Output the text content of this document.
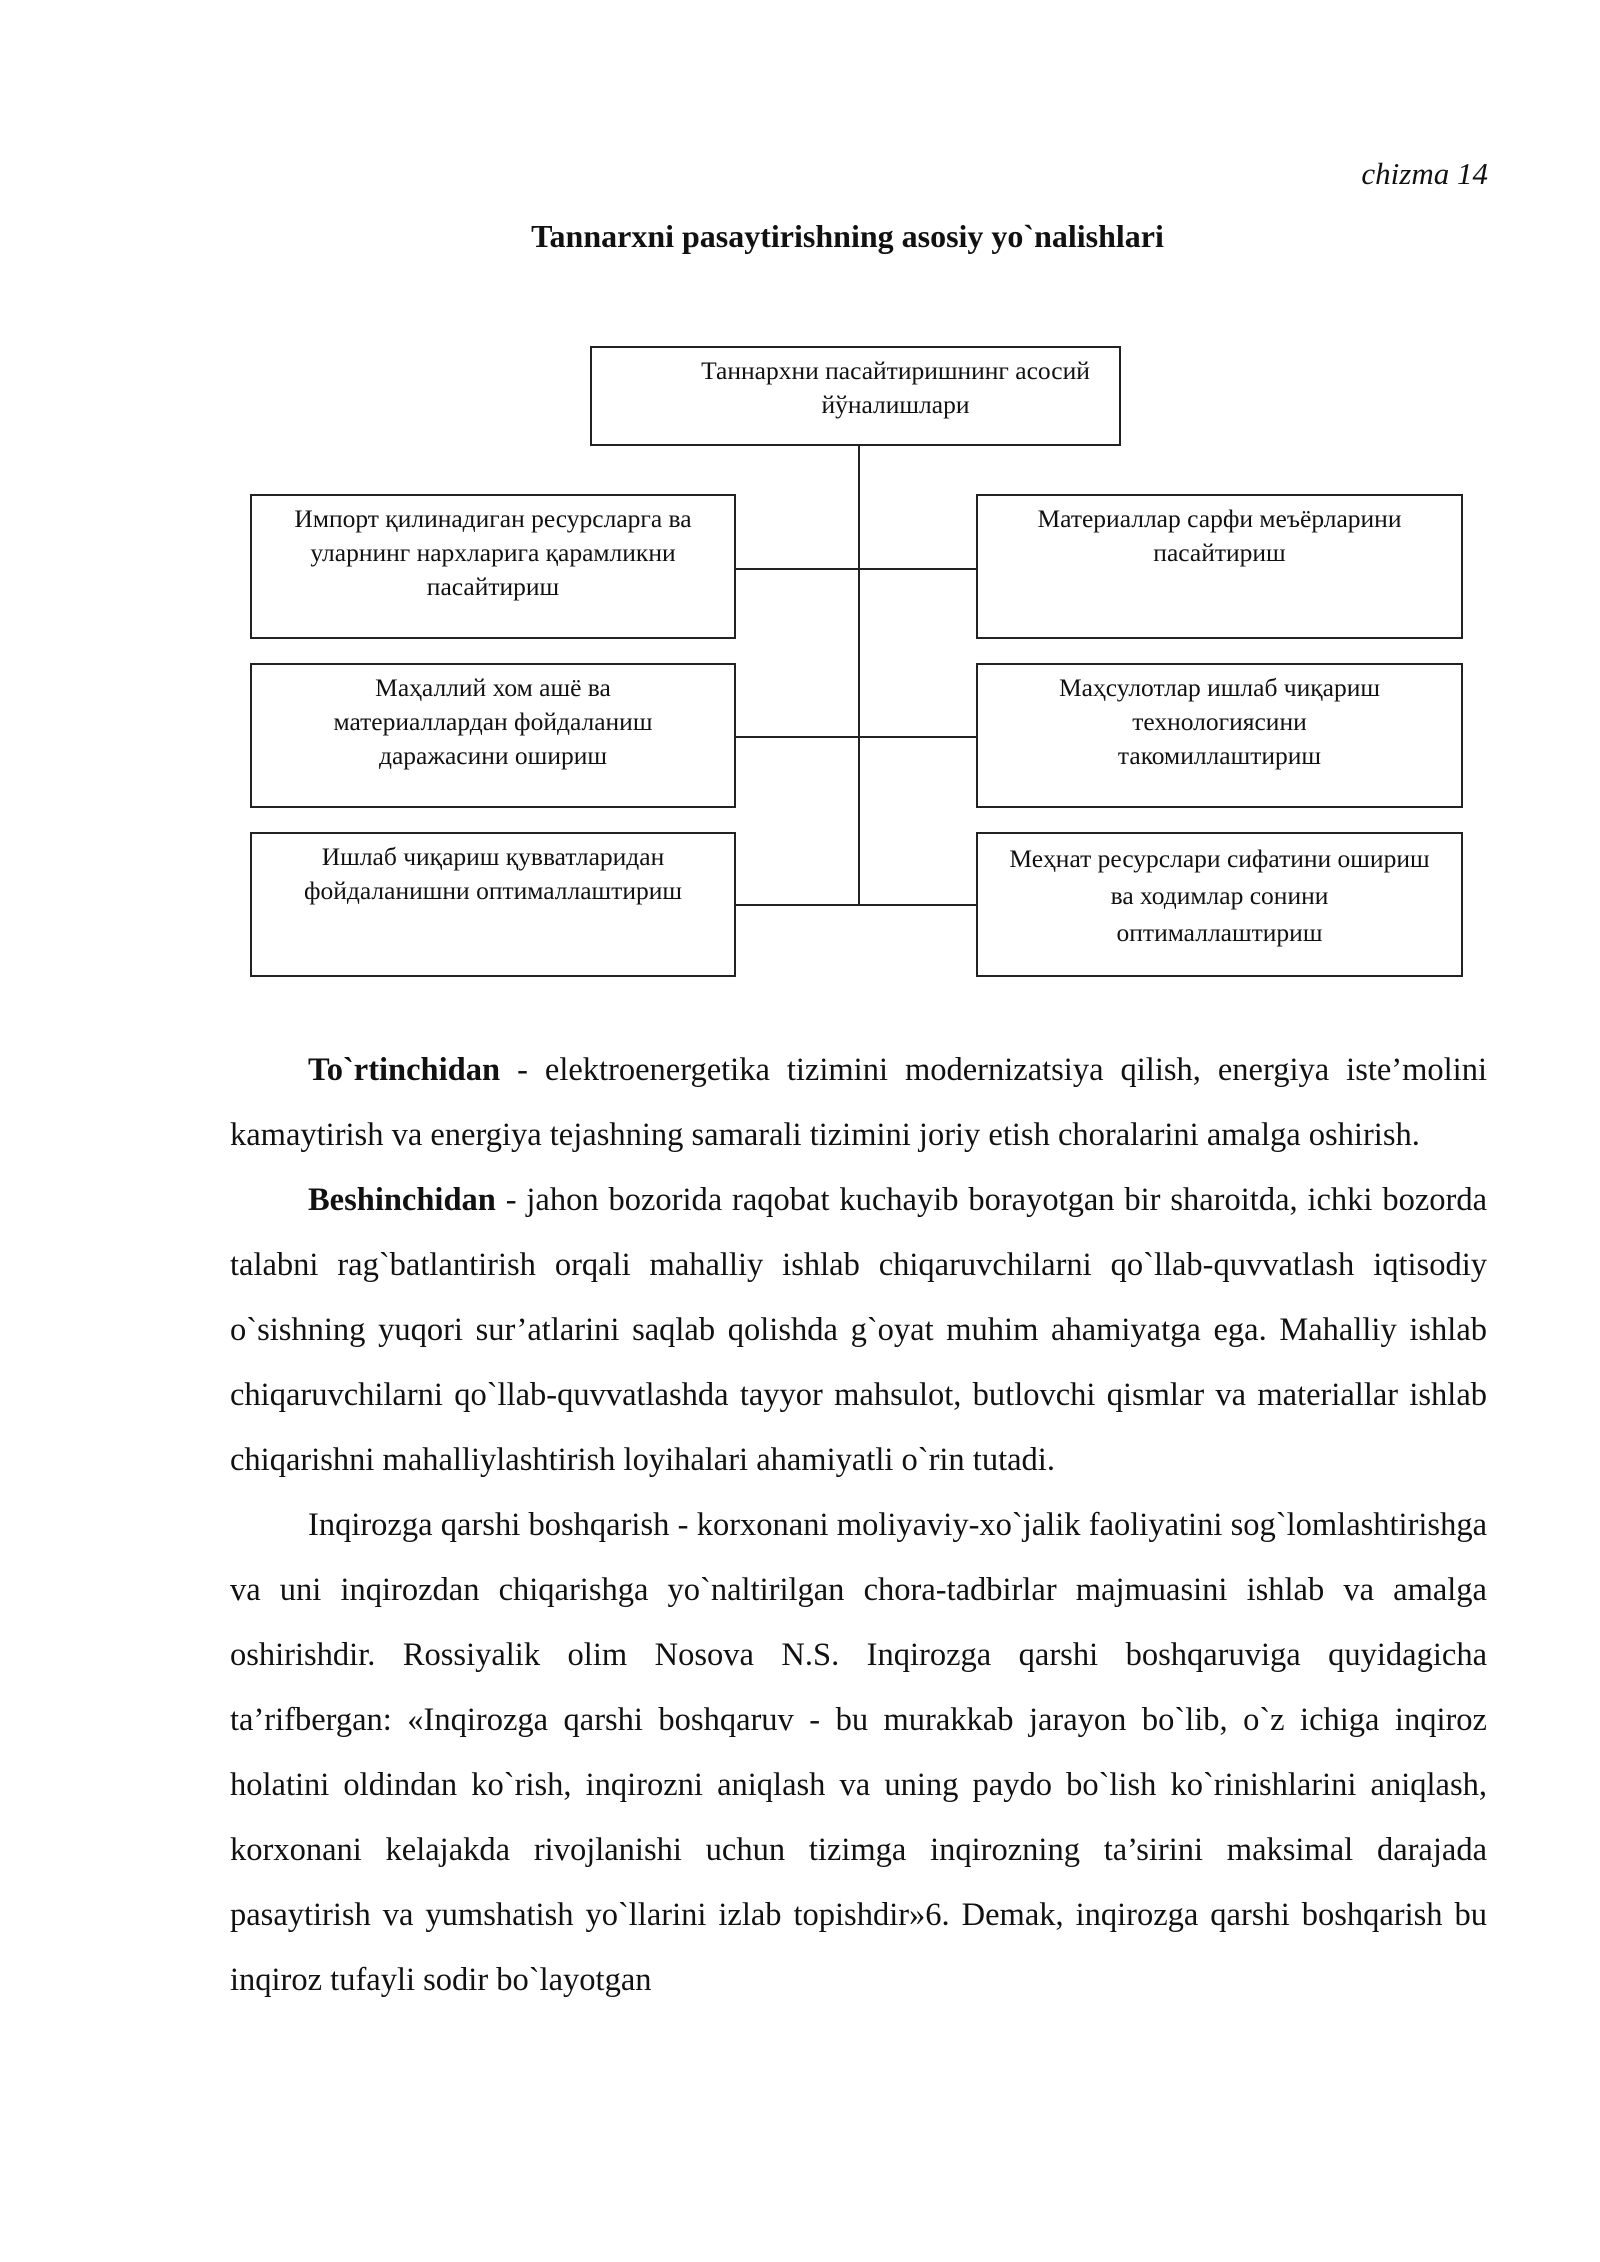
chizma 14
Tannarxni pasaytirishning asosiy yo`nalishlari
Таннархни пасайтиришнинг асосий йўналишлари
Импорт қилинадиган ресурсларга ва уларнинг нархларига қарамликни пасайтириш
Маҳаллий хом ашё ва материаллардан фойдаланиш даражасини ошириш
Ишлаб чиқариш қувватларидан фойдаланишни оптималлаштириш
Материаллар сарфи меъёрларини пасайтириш
Маҳсулотлар ишлаб чиқариш технологиясини такомиллаштириш
Меҳнат ресурслари сифатини ошириш ва ходимлар сонини оптималлаштириш

To`rtinchidan - elektroenergetika tizimini modernizatsiya qilish, energiya iste’molini kamaytirish va energiya tejashning samarali tizimini joriy etish choralarini amalga oshirish.

Beshinchidan - jahon bozorida raqobat kuchayib borayotgan bir sharoitda, ichki bozorda talabni rag`batlantirish orqali mahalliy ishlab chiqaruvchilarni qo`llab-quvvatlash iqtisodiy o`sishning yuqori sur’atlarini saqlab qolishda g`oyat muhim ahamiyatga ega. Mahalliy ishlab chiqaruvchilarni qo`llab-quvvatlashda tayyor mahsulot, butlovchi qismlar va materiallar ishlab chiqarishni mahalliylashtirish loyihalari ahamiyatli o`rin tutadi.

Inqirozga qarshi boshqarish - korxonani moliyaviy-xo`jalik faoliyatini sog`lomlashtirishga va uni inqirozdan chiqarishga yo`naltirilgan chora-tadbirlar majmuasini ishlab va amalga oshirishdir. Rossiyalik olim Nosova N.S. Inqirozga qarshi boshqaruviga quyidagicha ta’rifbergan: «Inqirozga qarshi boshqaruv - bu murakkab jarayon bo`lib, o`z ichiga inqiroz holatini oldindan ko`rish, inqirozni aniqlash va uning paydo bo`lish ko`rinishlarini aniqlash, korxonani kelajakda rivojlanishi uchun tizimga inqirozning ta’sirini maksimal darajada pasaytirish va yumshatish yo`llarini izlab topishdir»6. Demak, inqirozga qarshi boshqarish bu inqiroz tufayli sodir bo`layotgan
